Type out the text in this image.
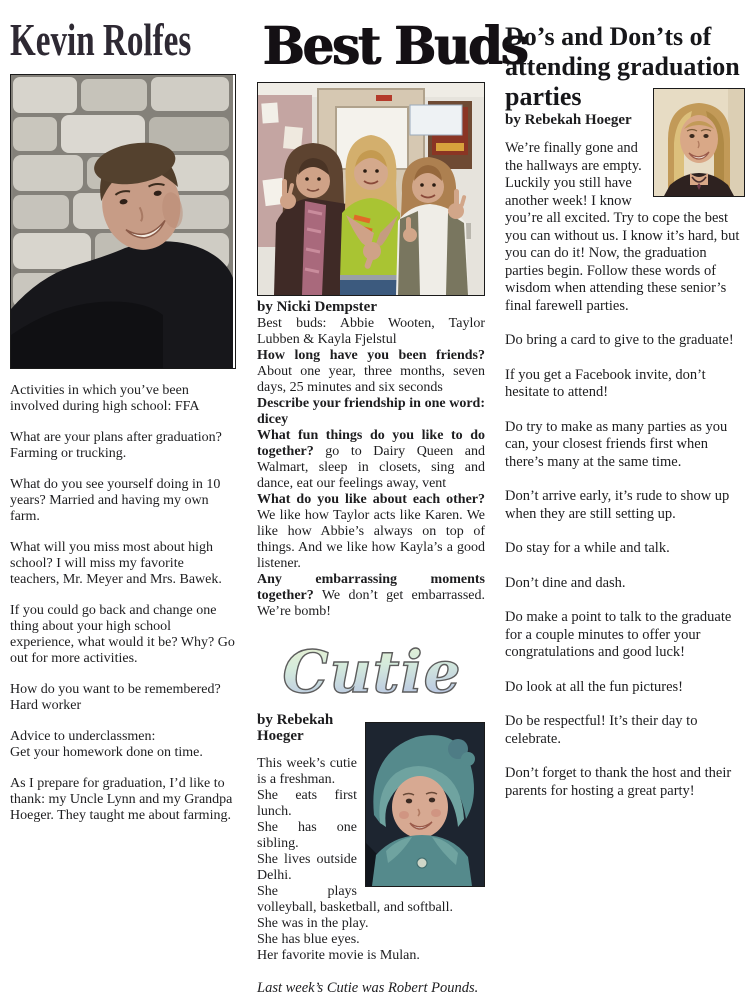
Kevin Rolfes

Activities in which you’ve been involved during high school: FFA

What are your plans after graduation? Farming or trucking.

What do you see yourself doing in 10 years? Married and having my own farm.

What will you miss most about high school? I will miss my favorite teachers, Mr. Meyer and Mrs. Bawek.

If you could go back and change one thing about your high school experience, what would it be? Why? Go out for more activities.

How do you want to be remembered?
Hard worker

Advice to underclassmen:
Get your homework done on time.

As I prepare for graduation, I’d like to thank: my Uncle Lynn and my Grandpa Hoeger. They taught me about farming.

Best Buds
by Nicki Dempster
Best buds: Abbie Wooten, Taylor Lubben & Kayla Fjelstul
How long have you been friends? About one year, three months, seven days, 25 minutes and six seconds
Describe your friendship in one word: dicey
What fun things do you like to do together? go to Dairy Queen and Walmart, sleep in closets, sing and dance, eat our feelings away, vent
What do you like about each other? We like how Taylor acts like Karen. We like how Abbie’s always on top of things. And we like how Kayla’s a good listener.
Any embarrassing moments together? We don’t get embarrassed. We’re bomb!
Cutie
by Rebekah Hoeger

This week’s cutie is a freshman.

She eats first lunch.

She has one sibling.

She lives outside Delhi.

She plays volleyball, basketball, and softball.

She was in the play.

She has blue eyes.

Her favorite movie is Mulan.

Last week’s Cutie was Robert Pounds.

Do’s and Don’ts of
attending graduation
parties
by Rebekah Hoeger

We’re finally gone and the hallways are empty. Luckily you still have another week! I know you’re all excited. Try to cope the best you can without us. I know it’s hard, but you can do it! Now, the graduation parties begin. Follow these words of wisdom when attending these senior’s final farewell parties.

Do bring a card to give to the graduate!

If you get a Facebook invite, don’t hesitate to attend!

Do try to make as many parties as you can, your closest friends first when there’s many at the same time.

Don’t arrive early, it’s rude to show up when they are still setting up.

Do stay for a while and talk.

Don’t dine and dash.

Do make a point to talk to the graduate for a couple minutes to offer your congratulations and good luck!

Do look at all the fun pictures!

Do be respectful! It’s their day to celebrate.

Don’t forget to thank the host and their parents for hosting a great party!
